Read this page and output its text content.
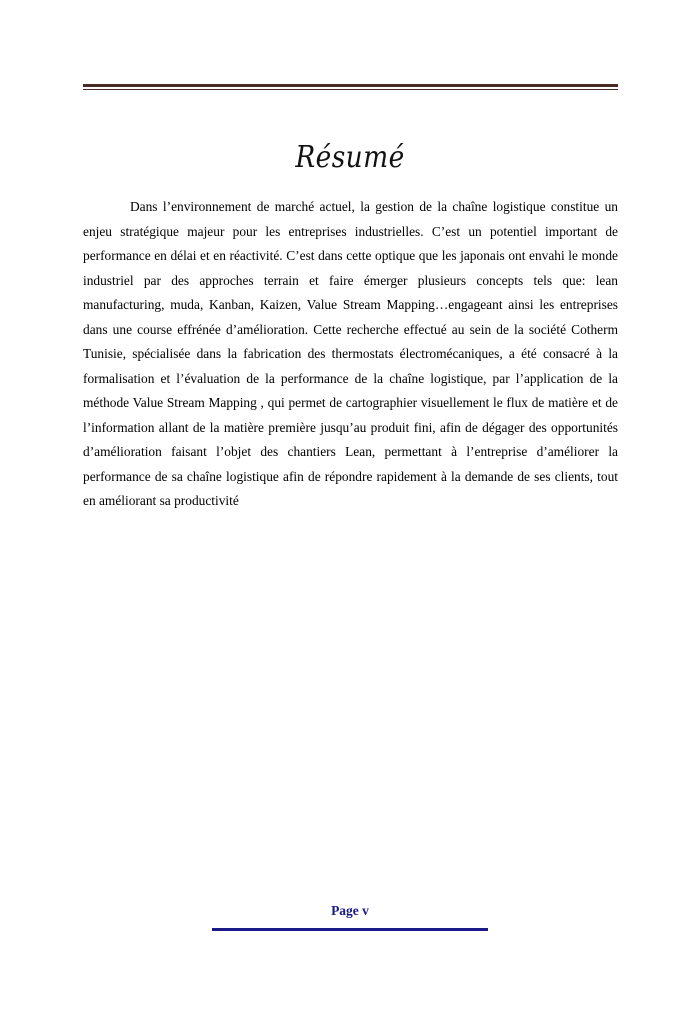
Résumé

Dans l’environnement de marché actuel, la gestion de la chaîne logistique constitue un enjeu stratégique majeur pour les entreprises industrielles. C’est un potentiel important de performance en délai et en réactivité. C’est dans cette optique que les japonais ont envahi le monde industriel par des approches terrain et faire émerger plusieurs concepts tels que: lean manufacturing, muda, Kanban, Kaizen, Value Stream Mapping…engageant ainsi les entreprises dans une course effrénée d’amélioration. Cette recherche effectué au sein de la société Cotherm Tunisie, spécialisée dans la fabrication des thermostats électromécaniques, a été consacré à la formalisation et l’évaluation de la performance de la chaîne logistique, par l’application de la méthode Value Stream Mapping , qui permet de cartographier visuellement le flux de matière et de l’information allant de la matière première jusqu’au produit fini, afin de dégager des opportunités d’amélioration faisant l’objet des chantiers Lean, permettant à l’entreprise d’améliorer la performance de sa chaîne logistique afin de répondre rapidement à la demande de ses clients, tout en améliorant sa productivité

Page v
